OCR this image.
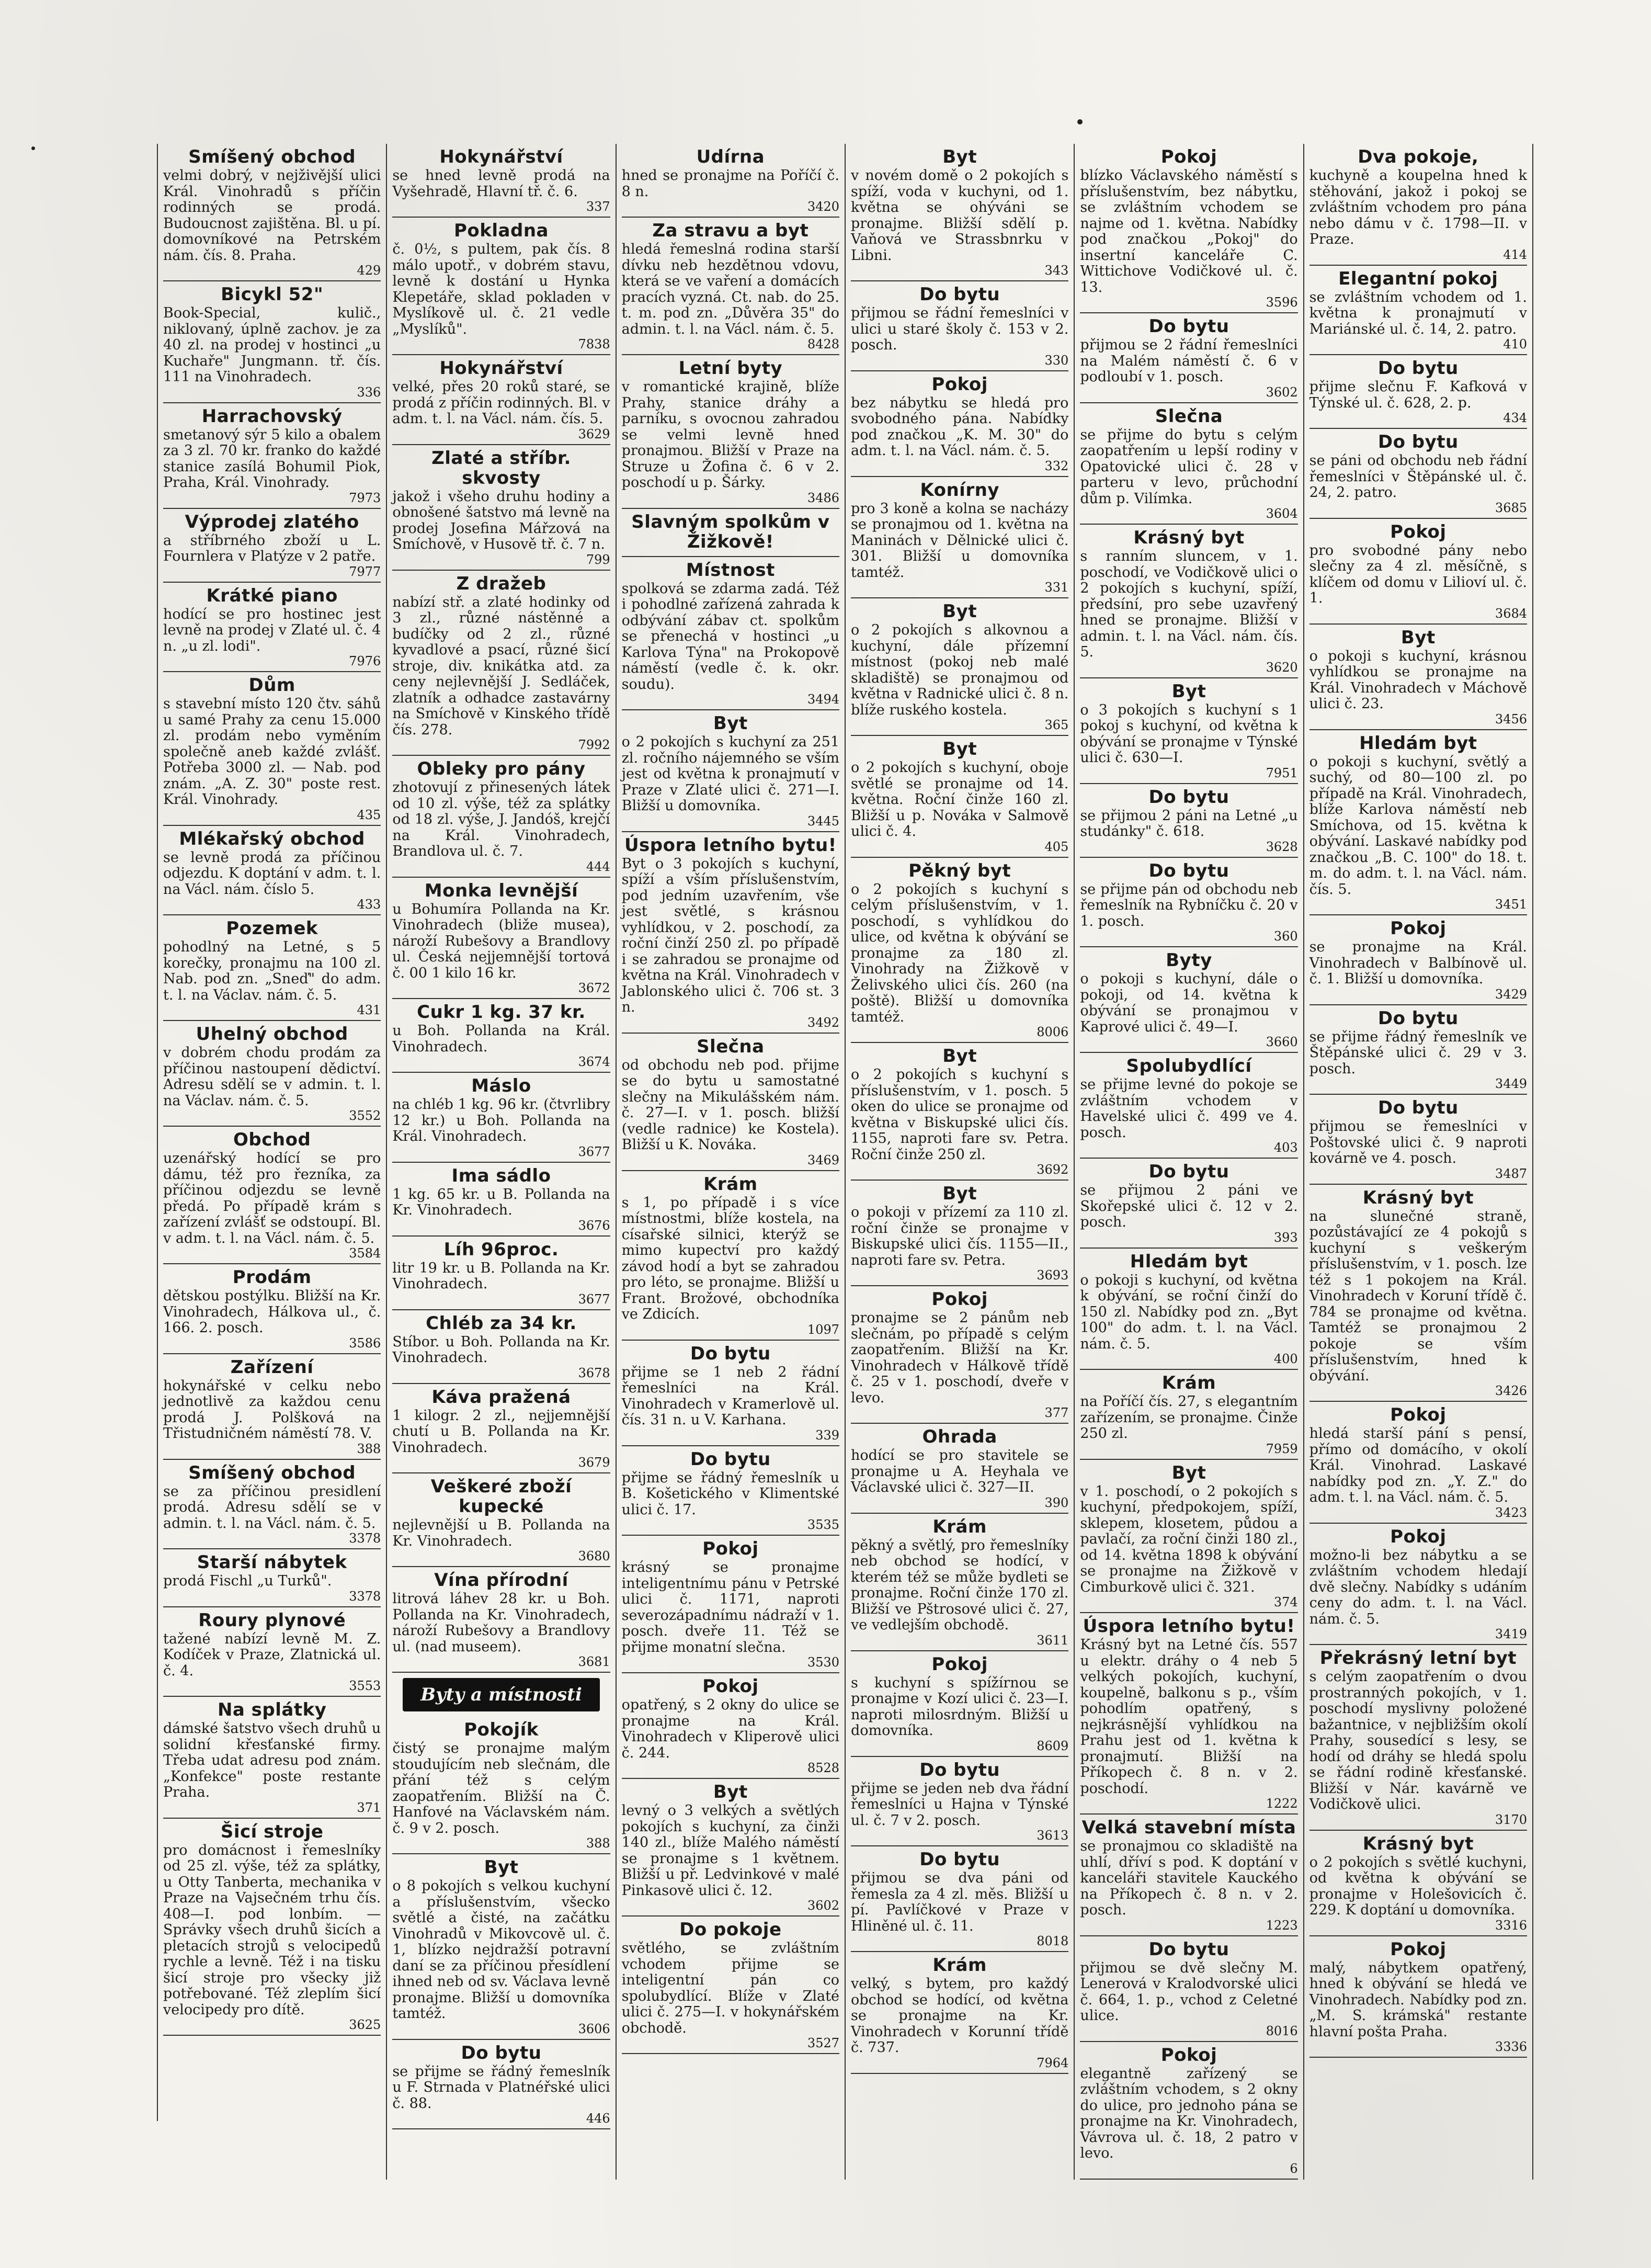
Smíšený obchod

velmi dobrý, v nejživější ulici Král. Vinohradů s příčin rodinných se prodá. Budoucnost zajištěna. Bl. u pí. domovníkové na Petrském nám. čís. 8. Praha.

429
Bicykl 52"

Book-Special, kulič., niklovaný, úplně zachov. je za 40 zl. na prodej v hostinci „u Kuchaře" Jungmann. tř. čís. 111 na Vinohradech.

336
Harrachovský

smetanový sýr 5 kilo a obalem za 3 zl. 70 kr. franko do každé stanice zasílá Bohumil Piok, Praha, Král. Vinohrady.

7973
Výprodej zlatého

a stříbrného zboží u L. Fournlera v Platýze v 2 patře.

7977
Krátké piano

hodící se pro hostinec jest levně na prodej v Zlaté ul. č. 4 n. „u zl. lodi".

7976
Dům

s stavební místo 120 čtv. sáhů u samé Prahy za cenu 15.000 zl. prodám nebo vyměním společně aneb každé zvlášť. Potřeba 3000 zl. — Nab. pod znám. „A. Z. 30" poste rest. Král. Vinohrady.

435
Mlékařský obchod

se levně prodá za příčinou odjezdu. K doptání v adm. t. l. na Václ. nám. číslo 5.

433
Pozemek

pohodlný na Letné, s 5 korečky, pronajmu na 100 zl. Nab. pod zn. „Sneď" do adm. t. l. na Václav. nám. č. 5.

431
Uhelný obchod

v dobrém chodu prodám za příčinou nastoupení dědictví. Adresu sdělí se v admin. t. l. na Václav. nám. č. 5.

3552
Obchod

uzenářský hodící se pro dámu, též pro řezníka, za příčinou odjezdu se levně předá. Po případě krám s zařízení zvlášť se odstoupí. Bl. v adm. t. l. na Václ. nám. č. 5.

3584
Prodám

dětskou postýlku. Bližší na Kr. Vinohradech, Hálkova ul., č. 166. 2. posch.

3586
Zařízení

hokynářské v celku nebo jednotlivě za každou cenu prodá J. Polšková na Třistudničném náměstí 78. V.

388
Smíšený obchod

se za příčinou presidlení prodá. Adresu sdělí se v admin. t. l. na Václ. nám. č. 5.

3378
Starší nábytek

prodá Fischl „u Turků".

3378
Roury plynové

tažené nabízí levně M. Z. Kodíček v Praze, Zlatnická ul. č. 4.

3553
Na splátky

dámské šatstvo všech druhů u solidní křesťanské firmy. Třeba udat adresu pod znám. „Konfekce" poste restante Praha.

371
Šicí stroje

pro domácnost i řemeslníky od 25 zl. výše, též za splátky, u Otty Tanberta, mechanika v Praze na Vajsečném trhu čís. 408—I. pod lonbím. — Správky všech druhů šicích a pletacích strojů s velocipedů rychle a levně. Též i na tisku šicí stroje pro všecky již potřebované. Též zleplím šicí velocipedy pro dítě.

3625
Hokynářství

se hned levně prodá na Vyšehradě, Hlavní tř. č. 6.

337
Pokladna

č. 0½, s pultem, pak čís. 8 málo upotř., v dobrém stavu, levně k dostání u Hynka Klepetáře, sklad pokladen v Myslíkově ul. č. 21 vedle „Myslíků".

7838
Hokynářství

velké, přes 20 roků staré, se prodá z příčin rodinných. Bl. v adm. t. l. na Václ. nám. čís. 5.

3629
Zlaté a stříbr. skvosty

jakož i všeho druhu hodiny a obnošené šatstvo má levně na prodej Josefina Mářzová na Smíchově, v Husově tř. č. 7 n.

799
Z dražeb

nabízí stř. a zlaté hodinky od 3 zl., různé nástěnné a budíčky od 2 zl., různé kyvadlové a psací, různé šicí stroje, div. knikátka atd. za ceny nejlevnější J. Sedláček, zlatník a odhadce zastavárny na Smíchově v Kinského třídě čís. 278.

7992
Obleky pro pány

zhotovují z přinesených látek od 10 zl. výše, též za splátky od 18 zl. výše, J. Jandóš, krejčí na Král. Vinohradech, Brandlova ul. č. 7.

444
Monka levnější

u Bohumíra Pollanda na Kr. Vinohradech (bliže musea), nároží Rubešovy a Brandlovy ul. Česká nejjemnější tortová č. 00 1 kilo 16 kr.

3672
Cukr 1 kg. 37 kr.

u Boh. Pollanda na Král. Vinohradech.

3674
Máslo

na chléb 1 kg. 96 kr. (čtvrlibry 12 kr.) u Boh. Pollanda na Král. Vinohradech.

3677
Ima sádlo

1 kg. 65 kr. u B. Pollanda na Kr. Vinohradech.

3676
Líh 96proc.

litr 19 kr. u B. Pollanda na Kr. Vinohradech.

3677
Chléb za 34 kr.

Stíbor. u Boh. Pollanda na Kr. Vinohradech.

3678
Káva pražená

1 kilogr. 2 zl., nejjemnější chutí u B. Pollanda na Kr. Vinohradech.

3679
Veškeré zboží kupecké

nejlevnější u B. Pollanda na Kr. Vinohradech.

3680
Vína přírodní

litrová láhev 28 kr. u Boh. Pollanda na Kr. Vinohradech, nároží Rubešovy a Brandlovy ul. (nad museem).

3681
Byty a místnosti
Pokojík

čistý se pronajme malým stoudujícím neb slečnám, dle přání též s celým zaopatřením. Bližší na Č. Hanfové na Václavském nám. č. 9 v 2. posch.

388
Byt

o 8 pokojích s velkou kuchyní a příslušenstvím, všecko světlé a čisté, na začátku Vinohradů v Mikovcově ul. č. 1, blízko nejdražší potravní daní se za příčinou přesídlení ihned neb od sv. Václava levně pronajme. Bližší u domovníka tamtéž.

3606
Do bytu

se přijme se řádný řemeslník u F. Strnada v Platnéřské ulici č. 88.

446
Udírna

hned se pronajme na Poříčí č. 8 n.

3420
Za stravu a byt

hledá řemeslná rodina starší dívku neb hezdětnou vdovu, která se ve vaření a domácích pracích vyzná. Ct. nab. do 25. t. m. pod zn. „Důvěra 35" do admin. t. l. na Václ. nám. č. 5.

8428
Letní byty

v romantické krajině, blíže Prahy, stanice dráhy a parníku, s ovocnou zahradou se velmi levně hned pronajmou. Bližší v Praze na Struze u Žofina č. 6 v 2. poschodí u p. Šárky.

3486
Slavným spolkům v Žižkově!
Místnost

spolková se zdarma zadá. Též i pohodlné zařízená zahrada k odbývání zábav ct. spolkům se přenechá v hostinci „u Karlova Týna" na Prokopově náměstí (vedle č. k. okr. soudu).

3494
Byt

o 2 pokojích s kuchyní za 251 zl. ročního nájemného se vším jest od května k pronajmutí v Praze v Zlaté ulici č. 271—I. Bližší u domovníka.

3445
Úspora letního bytu!

Byt o 3 pokojích s kuchyní, spíží a vším příslušenstvím, pod jedním uzavřením, vše jest světlé, s krásnou vyhlídkou, v 2. poschodí, za roční činží 250 zl. po případě i se zahradou se pronajme od května na Král. Vinohradech v Jablonského ulici č. 706 st. 3 n.

3492
Slečna

od obchodu neb pod. přijme se do bytu u samostatné slečny na Mikulášském nám. č. 27—I. v 1. posch. bližší (vedle radnice) ke Kostela). Bližší u K. Nováka.

3469
Krám

s 1, po případě i s více místnostmi, blíže kostela, na císařské silnici, kterýž se mimo kupectví pro každý závod hodí a byt se zahradou pro léto, se pronajme. Bližší u Frant. Brožové, obchodníka ve Zdicích.

1097
Do bytu

přijme se 1 neb 2 řádní řemeslníci na Král. Vinohradech v Kramerlově ul. čís. 31 n. u V. Karhana.

339
Do bytu

přijme se řádný řemeslník u B. Košetického v Klimentské ulici č. 17.

3535
Pokoj

krásný se pronajme inteligentnímu pánu v Petrské ulici č. 1171, naproti severozápadnímu nádraží v 1. posch. dveře 11. Též se přijme monatní slečna.

3530
Pokoj

opatřený, s 2 okny do ulice se pronajme na Král. Vinohradech v Kliperově ulici č. 244.

8528
Byt

levný o 3 velkých a světlých pokojích s kuchyní, za činži 140 zl., blíže Malého náměstí se pronajme s 1 květnem. Bližší u př. Ledvinkové v malé Pinkasově ulici č. 12.

3602
Do pokoje

světlého, se zvláštním vchodem přijme se inteligentní pán co spolubydlící. Blíže v Zlaté ulici č. 275—I. v hokynářském obchodě.

3527
Byt

v novém domě o 2 pokojích s spíží, voda v kuchyni, od 1. května se ohýváni se pronajme. Bližší sdělí p. Vaňová ve Strassbnrku v Libni.

343
Do bytu

přijmou se řádní řemeslníci v ulici u staré školy č. 153 v 2. posch.

330
Pokoj

bez nábytku se hledá pro svobodného pána. Nabídky pod značkou „K. M. 30" do adm. t. l. na Václ. nám. č. 5.

332
Konírny

pro 3 koně a kolna se nacházy se pronajmou od 1. května na Maninách v Dělnické ulici č. 301. Bližší u domovníka tamtéž.

331
Byt

o 2 pokojích s alkovnou a kuchyní, dále přízemní místnost (pokoj neb malé skladiště) se pronajmou od května v Radnické ulici č. 8 n. blíže ruského kostela.

365
Byt

o 2 pokojích s kuchyní, oboje světlé se pronajme od 14. května. Roční činže 160 zl. Bližší u p. Nováka v Salmově ulici č. 4.

405
Pěkný byt

o 2 pokojích s kuchyní s celým příslušenstvím, v 1. poschodí, s vyhlídkou do ulice, od května k obývání se pronajme za 180 zl. Vinohrady na Žižkově v Želivského ulici čís. 260 (na poště). Bližší u domovníka tamtéž.

8006
Byt

o 2 pokojích s kuchyní s příslušenstvím, v 1. posch. 5 oken do ulice se pronajme od května v Biskupské ulici čís. 1155, naproti fare sv. Petra. Roční činže 250 zl.

3692
Byt

o pokoji v přízemí za 110 zl. roční činže se pronajme v Biskupské ulici čís. 1155—II., naproti fare sv. Petra.

3693
Pokoj

pronajme se 2 pánům neb slečnám, po případě s celým zaopatřením. Bližší na Kr. Vinohradech v Hálkově třídě č. 25 v 1. poschodí, dveře v levo.

377
Ohrada

hodící se pro stavitele se pronajme u A. Heyhala ve Václavské ulici č. 327—II.

390
Krám

pěkný a světlý, pro řemeslníky neb obchod se hodící, v kterém též se může bydleti se pronajme. Roční činže 170 zl. Bližší ve Pštrosové ulici č. 27, ve vedlejším obchodě.

3611
Pokoj

s kuchyní s spížírnou se pronajme v Kozí ulici č. 23—I. naproti milosrdným. Bližší u domovníka.

8609
Do bytu

přijme se jeden neb dva řádní řemeslníci u Hajna v Týnské ul. č. 7 v 2. posch.

3613
Do bytu

přijmou se dva páni od řemesla za 4 zl. měs. Bližší u pí. Pavlíčkové v Praze v Hliněné ul. č. 11.

8018
Krám

velký, s bytem, pro každý obchod se hodící, od května se pronajme na Kr. Vinohradech v Korunní třídě č. 737.

7964
Pokoj

blízko Václavského náměstí s příslušenstvím, bez nábytku, se zvláštním vchodem se najme od 1. května. Nabídky pod značkou „Pokoj" do insertní kanceláře C. Wittichove Vodičkové ul. č. 13.

3596
Do bytu

přijmou se 2 řádní řemeslníci na Malém náměstí č. 6 v podloubí v 1. posch.

3602
Slečna

se přijme do bytu s celým zaopatřením u lepší rodiny v Opatovické ulici č. 28 v parteru v levo, průchodní dům p. Vilímka.

3604
Krásný byt

s ranním sluncem, v 1. poschodí, ve Vodičkově ulici o 2 pokojích s kuchyní, spíží, předsíní, pro sebe uzavřený hned se pronajme. Bližší v admin. t. l. na Václ. nám. čís. 5.

3620
Byt

o 3 pokojích s kuchyní s 1 pokoj s kuchyní, od května k obývání se pronajme v Týnské ulici č. 630—I.

7951
Do bytu

se přijmou 2 páni na Letné „u studánky" č. 618.

3628
Do bytu

se přijme pán od obchodu neb řemeslník na Rybníčku č. 20 v 1. posch.

360
Byty

o pokoji s kuchyní, dále o pokoji, od 14. května k obývání se pronajmou v Kaprové ulici č. 49—I.

3660
Spolubydlící

se přijme levné do pokoje se zvláštním vchodem v Havelské ulici č. 499 ve 4. posch.

403
Do bytu

se přijmou 2 páni ve Skořepské ulici č. 12 v 2. posch.

393
Hledám byt

o pokoji s kuchyní, od května k obývání, se roční činží do 150 zl. Nabídky pod zn. „Byt 100" do adm. t. l. na Václ. nám. č. 5.

400
Krám

na Poříčí čís. 27, s elegantním zařízením, se pronajme. Činže 250 zl.

7959
Byt

v 1. poschodí, o 2 pokojích s kuchyní, předpokojem, spíží, sklepem, klosetem, půdou a pavlačí, za roční činži 180 zl., od 14. května 1898 k obývání se pronajme na Žižkově v Cimburkově ulici č. 321.

374
Úspora letního bytu!

Krásný byt na Letné čís. 557 u elektr. dráhy o 4 neb 5 velkých pokojích, kuchyní, koupelně, balkonu s p., vším pohodlím opatřený, s nejkrásnější vyhlídkou na Prahu jest od 1. května k pronajmutí. Bližší na Příkopech č. 8 n. v 2. poschodí.

1222
Velká stavební místa

se pronajmou co skladiště na uhlí, dříví s pod. K doptání v kanceláři stavitele Kauckého na Příkopech č. 8 n. v 2. posch.

1223
Do bytu

přijmou se dvě slečny M. Lenerová v Kralodvorské ulici č. 664, 1. p., vchod z Celetné ulice.

8016
Pokoj

elegantně zařízený se zvláštním vchodem, s 2 okny do ulice, pro jednoho pána se pronajme na Kr. Vinohradech, Vávrova ul. č. 18, 2 patro v levo.

6
Dva pokoje,

kuchyně a koupelna hned k stěhování, jakož i pokoj se zvláštním vchodem pro pána nebo dámu v č. 1798—II. v Praze.

414
Elegantní pokoj

se zvláštním vchodem od 1. května k pronajmutí v Mariánské ul. č. 14, 2. patro.

410
Do bytu

přijme slečnu F. Kafková v Týnské ul. č. 628, 2. p.

434
Do bytu

se páni od obchodu neb řádní řemeslníci v Štěpánské ul. č. 24, 2. patro.

3685
Pokoj

pro svobodné pány nebo slečny za 4 zl. měsíčně, s klíčem od domu v Lilioví ul. č. 1.

3684
Byt

o pokoji s kuchyní, krásnou vyhlídkou se pronajme na Král. Vinohradech v Máchově ulici č. 23.

3456
Hledám byt

o pokoji s kuchyní, světlý a suchý, od 80—100 zl. po případě na Král. Vinohradech, blíže Karlova náměstí neb Smíchova, od 15. května k obývání. Laskavé nabídky pod značkou „B. C. 100" do 18. t. m. do adm. t. l. na Václ. nám. čís. 5.

3451
Pokoj

se pronajme na Král. Vinohradech v Balbínově ul. č. 1. Bližší u domovníka.

3429
Do bytu

se přijme řádný řemeslník ve Štěpánské ulici č. 29 v 3. posch.

3449
Do bytu

přijmou se řemeslníci v Poštovské ulici č. 9 naproti kovárně ve 4. posch.

3487
Krásný byt

na slunečné straně, pozůstávající ze 4 pokojů s kuchyní s veškerým příslušenstvím, v 1. posch. lze též s 1 pokojem na Král. Vinohradech v Koruní třídě č. 784 se pronajme od května. Tamtéž se pronajmou 2 pokoje se vším příslušenstvím, hned k obývání.

3426
Pokoj

hledá starší pání s pensí, přímo od domácího, v okolí Král. Vinohrad. Laskavé nabídky pod zn. „Y. Z." do adm. t. l. na Václ. nám. č. 5.

3423
Pokoj

možno-li bez nábytku a se zvláštním vchodem hledají dvě slečny. Nabídky s udáním ceny do adm. t. l. na Václ. nám. č. 5.

3419
Překrásný letní byt

s celým zaopatřením o dvou prostranných pokojích, v 1. poschodí myslivny položené bažantnice, v nejbližším okolí Prahy, sousedící s lesy, se hodí od dráhy se hledá spolu se řádní rodině křesťanské. Bližší v Nár. kavárně ve Vodičkově ulici.

3170
Krásný byt

o 2 pokojích s světlé kuchyni, od května k obývání se pronajme v Holešovicích č. 229. K doptání u domovníka.

3316
Pokoj

malý, nábytkem opatřený, hned k obývání se hledá ve Vinohradech. Nabídky pod zn. „M. S. krámská" restante hlavní pošta Praha.

3336
